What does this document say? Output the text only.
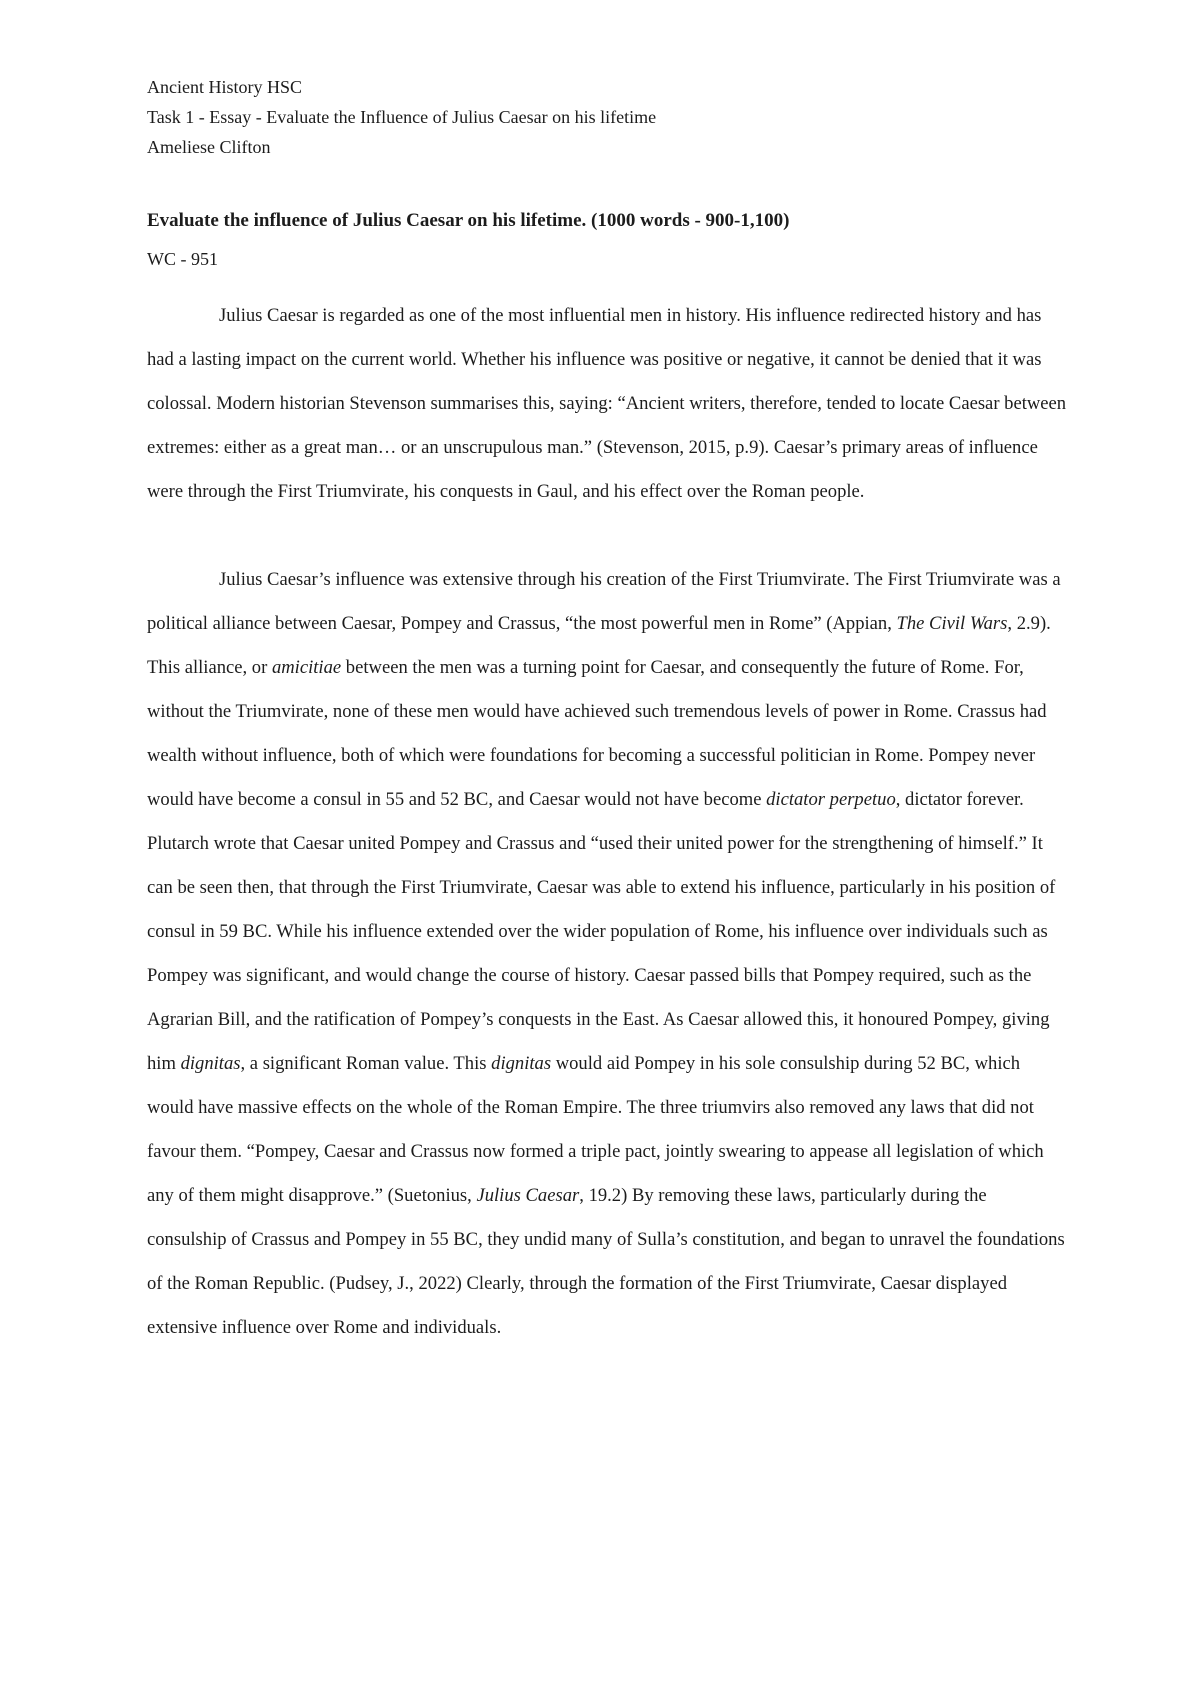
Ancient History HSC

Task 1 - Essay - Evaluate the Influence of Julius Caesar on his lifetime

Ameliese Clifton

Evaluate the influence of Julius Caesar on his lifetime. (1000 words - 900-1,100)

WC - 951

Julius Caesar is regarded as one of the most influential men in history. His influence redirected history and has had a lasting impact on the current world. Whether his influence was positive or negative, it cannot be denied that it was colossal. Modern historian Stevenson summarises this, saying: “Ancient writers, therefore, tended to locate Caesar between extremes: either as a great man… or an unscrupulous man.” (Stevenson, 2015, p.9). Caesar’s primary areas of influence were through the First Triumvirate, his conquests in Gaul, and his effect over the Roman people.

Julius Caesar’s influence was extensive through his creation of the First Triumvirate. The First Triumvirate was a political alliance between Caesar, Pompey and Crassus, “the most powerful men in Rome” (Appian, The Civil Wars, 2.9). This alliance, or amicitiae between the men was a turning point for Caesar, and consequently the future of Rome. For, without the Triumvirate, none of these men would have achieved such tremendous levels of power in Rome. Crassus had wealth without influence, both of which were foundations for becoming a successful politician in Rome. Pompey never would have become a consul in 55 and 52 BC, and Caesar would not have become dictator perpetuo, dictator forever. Plutarch wrote that Caesar united Pompey and Crassus and “used their united power for the strengthening of himself.” It can be seen then, that through the First Triumvirate, Caesar was able to extend his influence, particularly in his position of consul in 59 BC. While his influence extended over the wider population of Rome, his influence over individuals such as Pompey was significant, and would change the course of history. Caesar passed bills that Pompey required, such as the Agrarian Bill, and the ratification of Pompey’s conquests in the East. As Caesar allowed this, it honoured Pompey, giving him dignitas, a significant Roman value. This dignitas would aid Pompey in his sole consulship during 52 BC, which would have massive effects on the whole of the Roman Empire. The three triumvirs also removed any laws that did not favour them. “Pompey, Caesar and Crassus now formed a triple pact, jointly swearing to appease all legislation of which any of them might disapprove.” (Suetonius, Julius Caesar, 19.2) By removing these laws, particularly during the consulship of Crassus and Pompey in 55 BC, they undid many of Sulla’s constitution, and began to unravel the foundations of the Roman Republic. (Pudsey, J., 2022) Clearly, through the formation of the First Triumvirate, Caesar displayed extensive influence over Rome and individuals.
